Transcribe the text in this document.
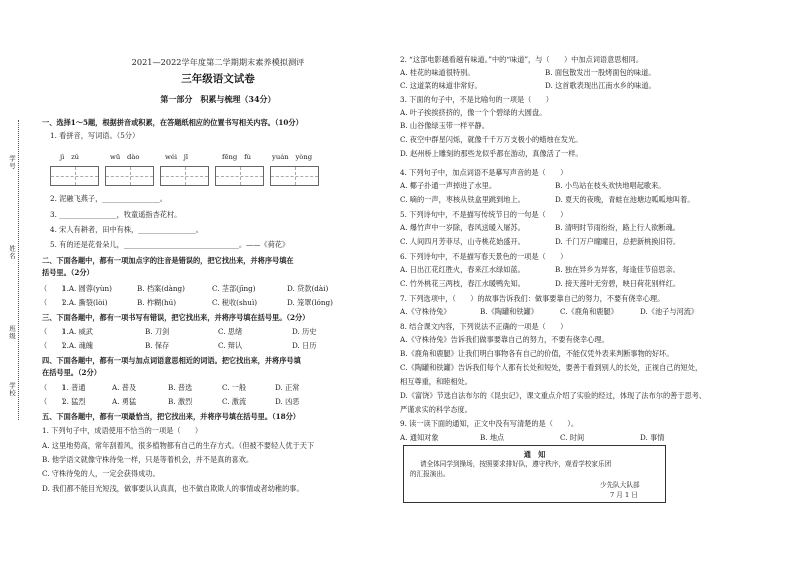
学号
姓名
班级
学校
2021—2022学年度第二学期期末素养模拟测评
三年级语文试卷
第一部分　积累与梳理（34分）
一、选择1～5题，根据拼音或积累，在答题纸相应的位置书写相关内容。（10分）
1. 看拼音，写词语。（5分）
jì　zǔ	wū　dào	wéi　jī	fēng　fù	yuán　yòng
2. 泥融飞燕子，________________。
3. ________________，牧童遥指杏花村。
4. 宋人有耕者，田中有株，________________。
5. 有的还是花骨朵儿，________________________________。——《荷花》
二、下面各题中，都有一项加点字的注音是错误的，把它找出来，并将序号填在
括号里。（2分）
（　　）
1.A. 圆蓉(yùn)	B. 档案(dàng)	C. 茎部(jīng)	D. 贷款(dài)
（　　）
2.A. 撕裂(lòi)	B. 柞糊(hú)	C. 税收(shuì)	D. 笼罩(lóng)
三、下面各题中，都有一项书写有错误，把它找出来，并将序号填在括号里。（2分）
（　　）
1.A. 威武	B. 刀剑	C. 思绪	D. 历史
（　　）
2.A. 魂魄	B. 保存	C. 辩认	D. 日历
四、下面各题中，都有一项与加点词语意思相近的词语。把它找出来，并将序号填
在括号里。（2分）
（　　）
1. 普通	A. 普及	B. 普选	C. 一般	D. 正常
（　　）
2. 猛烈	A. 勇猛	B. 激烈	C. 激流	D. 凶恶
五、下面各题中，都有一项最恰当，把它找出来，并将序号填在括号里。（18分）
1. 下列句子中，成语使用不恰当的一项是（　　）
A. 这里地势高，常年刮着风，很多植物都有自己的生存方式。（但被不要轻人优于天下
B. 他学语文就像守株待兔一样，只是等着机会，并不是真的喜欢。
C. 守株待兔的人，一定会获得成功。
D. 我们都不能目光短浅，做事要认认真真，也不做自欺欺人的事情或者幼稚的事。
2. “这部电影越看越有味道。”中的“味道”，与（　　）中加点词语意思相同。
A. 桂花的味道很特别。	B. 面包散发出一股烤面包的味道。
C. 这道菜的味道非常好。	D. 这首歌表现出江南水乡的味道。
3. 下面的句子中，不是比喻句的一项是（　　）
A. 叶子挨挨挤挤的，像一个个碧绿的大圆盘。
B. 山谷像绿玉带一样平静。
C. 夜空中群星闪烁，就像千千万万支极小的蜡烛在发光。
D. 赵州桥上雕刻的那些龙似乎都在游动，真像活了一样。
4. 下列句子中，加点词语不是摹写声音的是（　　）
A. 椰子扑通一声掉进了水里。	B. 小鸟站在枝头欢快地唱起歌来。
C. 嘀的一声，枣核从铁盒里跳到地上。	D. 夏天的夜晚，青蛙在池塘边呱呱地叫着。
5. 下列诗句中，不是描写传统节日的一句是（　　）
A. 爆竹声中一岁除，春风送暖入屠苏。	B. 清明时节雨纷纷，路上行人欲断魂。
C. 人间四月芳菲尽，山寺桃花始盛开。	D. 千门万户曈曈日，总把新桃换旧符。
6. 下列诗句中，不是描写春天景色的一项是（　　）
A. 日出江花红胜火，春来江水绿如蓝。	B. 独在异乡为异客，每逢佳节倍思亲。
C. 竹外桃花三两枝，春江水暖鸭先知。	D. 接天莲叶无穷碧，映日荷花别样红。
7. 下列选项中，（　　）的故事告诉我们：做事要靠自己的努力，不要有侥幸心理。
A.《守株待兔》	B.《陶罐和铁罐》	C.《鹿角和鹿腿》	D.《池子与河流》
8. 结合课文内容，下列说法不正确的一项是（　　）
A.《守株待兔》告诉我们做事要靠自己的努力，不要有侥幸心理。
B.《鹿角和鹿腿》让我们明白事物各有自己的价值，不能仅凭外表来判断事物的好坏。
C.《陶罐和铁罐》告诉我们每个人都有长处和短处，要善于看到别人的长处，正视自己的短处，
相互尊重，和睦相处。
D.《富饶》节选自法布尔的《昆虫记》，课文重点介绍了实验的经过，体现了法布尔的善于思考、
严谨求实的科学态度。
9. 读一读下面的通知，正文中没有写清楚的是（　　）。
A. 通知对象	B. 地点	C. 时间	D. 事情
通　知
请全体同学到操场，按照要求排好队，遵守秩序，观看学校家乐团
的汇报演出。
少先队大队部
7 月 1 日
